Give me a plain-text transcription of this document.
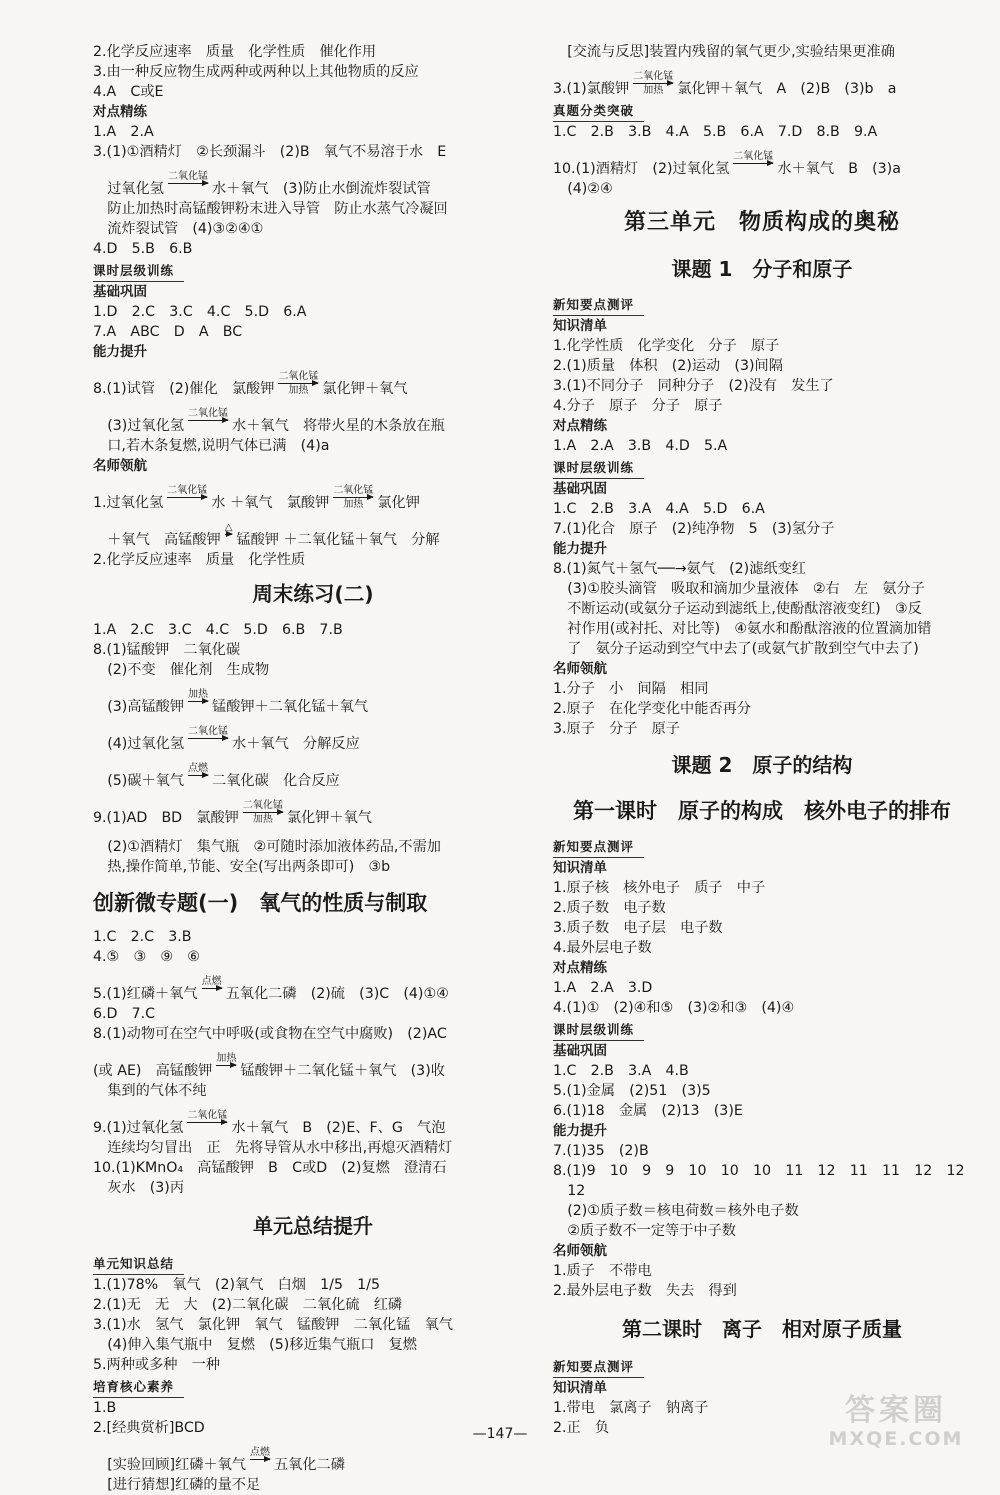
2.化学反应速率　质量　化学性质　催化作用
3.由一种反应物生成两种或两种以上其他物质的反应
4.A　C或E
对点精练
1.A　2.A
3.(1)①酒精灯　②长颈漏斗　(2)B　氧气不易溶于水　E
　过氧化氢
二氧化锰

水＋氧气　(3)防止水倒流炸裂试管
　防止加热时高锰酸钾粉末进入导管　防止水蒸气冷凝回
　流炸裂试管　(4)③②④①
4.D　5.B　6.B
课时层级训练
基础巩固
1.D　2.C　3.C　4.C　5.D　6.A
7.A　ABC　D　A　BC
能力提升
8.(1)试管　(2)催化　氯酸钾
二氧化锰
加热 氯化钾＋氧气
　(3)过氧化氢
二氧化锰

水＋氧气　将带火星的木条放在瓶
　口,若木条复燃,说明气体已满　(4)a
名师领航
1.过氧化氢
二氧化锰

水 ＋氧气　氯酸钾
二氧化锰
加热 氯化钾
　＋氧气　高锰酸钾
△

锰酸钾 ＋二氧化锰＋氧气　分解
2.化学反应速率　质量　化学性质
周末练习(二)
1.A　2.C　3.C　4.C　5.D　6.B　7.B
8.(1)锰酸钾　二氧化碳
　(2)不变　催化剂　生成物
　(3)高锰酸钾
加热

锰酸钾＋二氧化锰＋氧气
　(4)过氧化氢
二氧化锰

水＋氧气　分解反应
　(5)碳＋氧气
点燃

二氧化碳　化合反应
9.(1)AD　BD　氯酸钾
二氧化锰
加热 氯化钾＋氧气
　(2)①酒精灯　集气瓶　②可随时添加液体药品,不需加
　热,操作简单,节能、安全(写出两条即可)　③b
创新微专题(一)　氧气的性质与制取
1.C　2.C　3.B
4.⑤　③　⑨　⑥
5.(1)红磷＋氧气
点燃

五氧化二磷　(2)硫　(3)C　(4)①④
6.D　7.C
8.(1)动物可在空气中呼吸(或食物在空气中腐败)　(2)AC
(或 AE)　高锰酸钾
加热

锰酸钾＋二氧化锰＋氧气　(3)收
　集到的气体不纯
9.(1)过氧化氢
二氧化锰

水＋氧气　B　(2)E、F、G　气泡
　连续均匀冒出　正　先将导管从水中移出,再熄灭酒精灯
10.(1)KMnO₄　高锰酸钾　B　C或D　(2)复燃　澄清石
　灰水　(3)丙
单元总结提升
单元知识总结
1.(1)78%　氧气　(2)氧气　白烟　1/5　1/5
2.(1)无　无　大　(2)二氧化碳　二氧化硫　红磷
3.(1)水　氢气　氯化钾　氧气　锰酸钾　二氧化锰　氧气
　(4)伸入集气瓶中　复燃　(5)移近集气瓶口　复燃
5.两种或多种　一种
培育核心素养
1.B
2.[经典赏析]BCD
　[实验回顾]红磷＋氧气
点燃

五氧化二磷
　[进行猜想]红磷的量不足
　[交流与反思]装置内残留的氧气更少,实验结果更准确
3.(1)氯酸钾
二氧化锰
加热 氯化钾＋氧气　A　(2)B　(3)b　a
真题分类突破
1.C　2.B　3.B　4.A　5.B　6.A　7.D　8.B　9.A
10.(1)酒精灯　(2)过氧化氢
二氧化锰

水＋氧气　B　(3)a
　(4)②④
第三单元　物质构成的奥秘
课题 1　分子和原子
新知要点测评
知识清单
1.化学性质　化学变化　分子　原子
2.(1)质量　体积　(2)运动　(3)间隔
3.(1)不同分子　同种分子　(2)没有　发生了
4.分子　原子　分子　原子
对点精练
1.A　2.A　3.B　4.D　5.A
课时层级训练
基础巩固
1.C　2.B　3.A　4.A　5.D　6.A
7.(1)化合　原子　(2)纯净物　5　(3)氢分子
能力提升
8.(1)氮气＋氢气──→氨气　(2)滤纸变红
　(3)①胶头滴管　吸取和滴加少量液体　②右　左　氨分子
　不断运动(或氨分子运动到滤纸上,使酚酞溶液变红)　③反
　衬作用(或衬托、对比等)　④氨水和酚酞溶液的位置滴加错
　了　氨分子运动到空气中去了(或氨气扩散到空气中去了)
名师领航
1.分子　小　间隔　相同
2.原子　在化学变化中能否再分
3.原子　分子　原子
课题 2　原子的结构
第一课时　原子的构成　核外电子的排布
新知要点测评
知识清单
1.原子核　核外电子　质子　中子
2.质子数　电子数
3.质子数　电子层　电子数
4.最外层电子数
对点精练
1.A　2.A　3.D
4.(1)①　(2)④和⑤　(3)②和③　(4)④
课时层级训练
基础巩固
1.C　2.B　3.A　4.B
5.(1)金属　(2)51　(3)5
6.(1)18　金属　(2)13　(3)E
能力提升
7.(1)35　(2)B
8.(1)9　10　9　9　10　10　10　11　12　11　11　12　12
　12
　(2)①质子数＝核电荷数＝核外电子数
　②质子数不一定等于中子数
名师领航
1.质子　不带电
2.最外层电子数　失去　得到
第二课时　离子　相对原子质量
新知要点测评
知识清单
1.带电　氯离子　钠离子
2.正　负
—147—
答案圈
MXQE.COM
